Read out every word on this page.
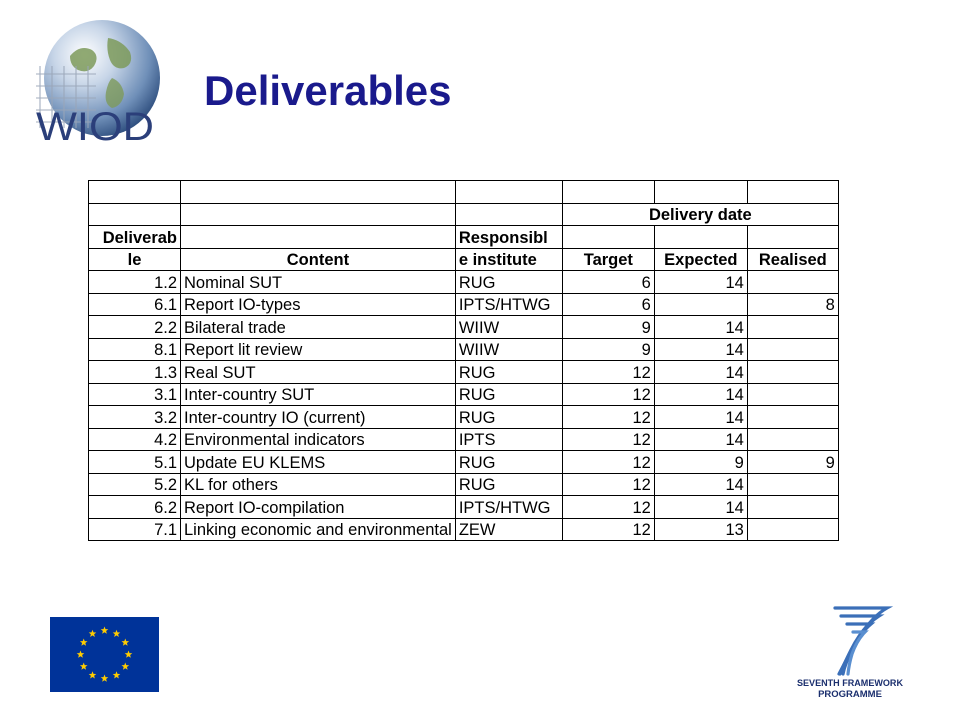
WIOD
Deliverables

			Delivery date		
Deliverab		Responsibl			
le	Content	e institute	Target	Expected	Realised
1.2	Nominal SUT	RUG	6	14	
6.1	Report IO-types	IPTS/HTWG	6		8
2.2	Bilateral trade	WIIW	9	14	
8.1	Report lit review	WIIW	9	14	
1.3	Real SUT	RUG	12	14	
3.1	Inter-country SUT	RUG	12	14	
3.2	Inter-country IO (current)	RUG	12	14	
4.2	Environmental indicators	IPTS	12	14	
5.1	Update EU KLEMS	RUG	12	9	9
5.2	KL for others	RUG	12	14	
6.2	Report IO-compilation	IPTS/HTWG	12	14	
7.1	Linking economic and environmental	ZEW	12	13	
SEVENTH FRAMEWORK
PROGRAMME
